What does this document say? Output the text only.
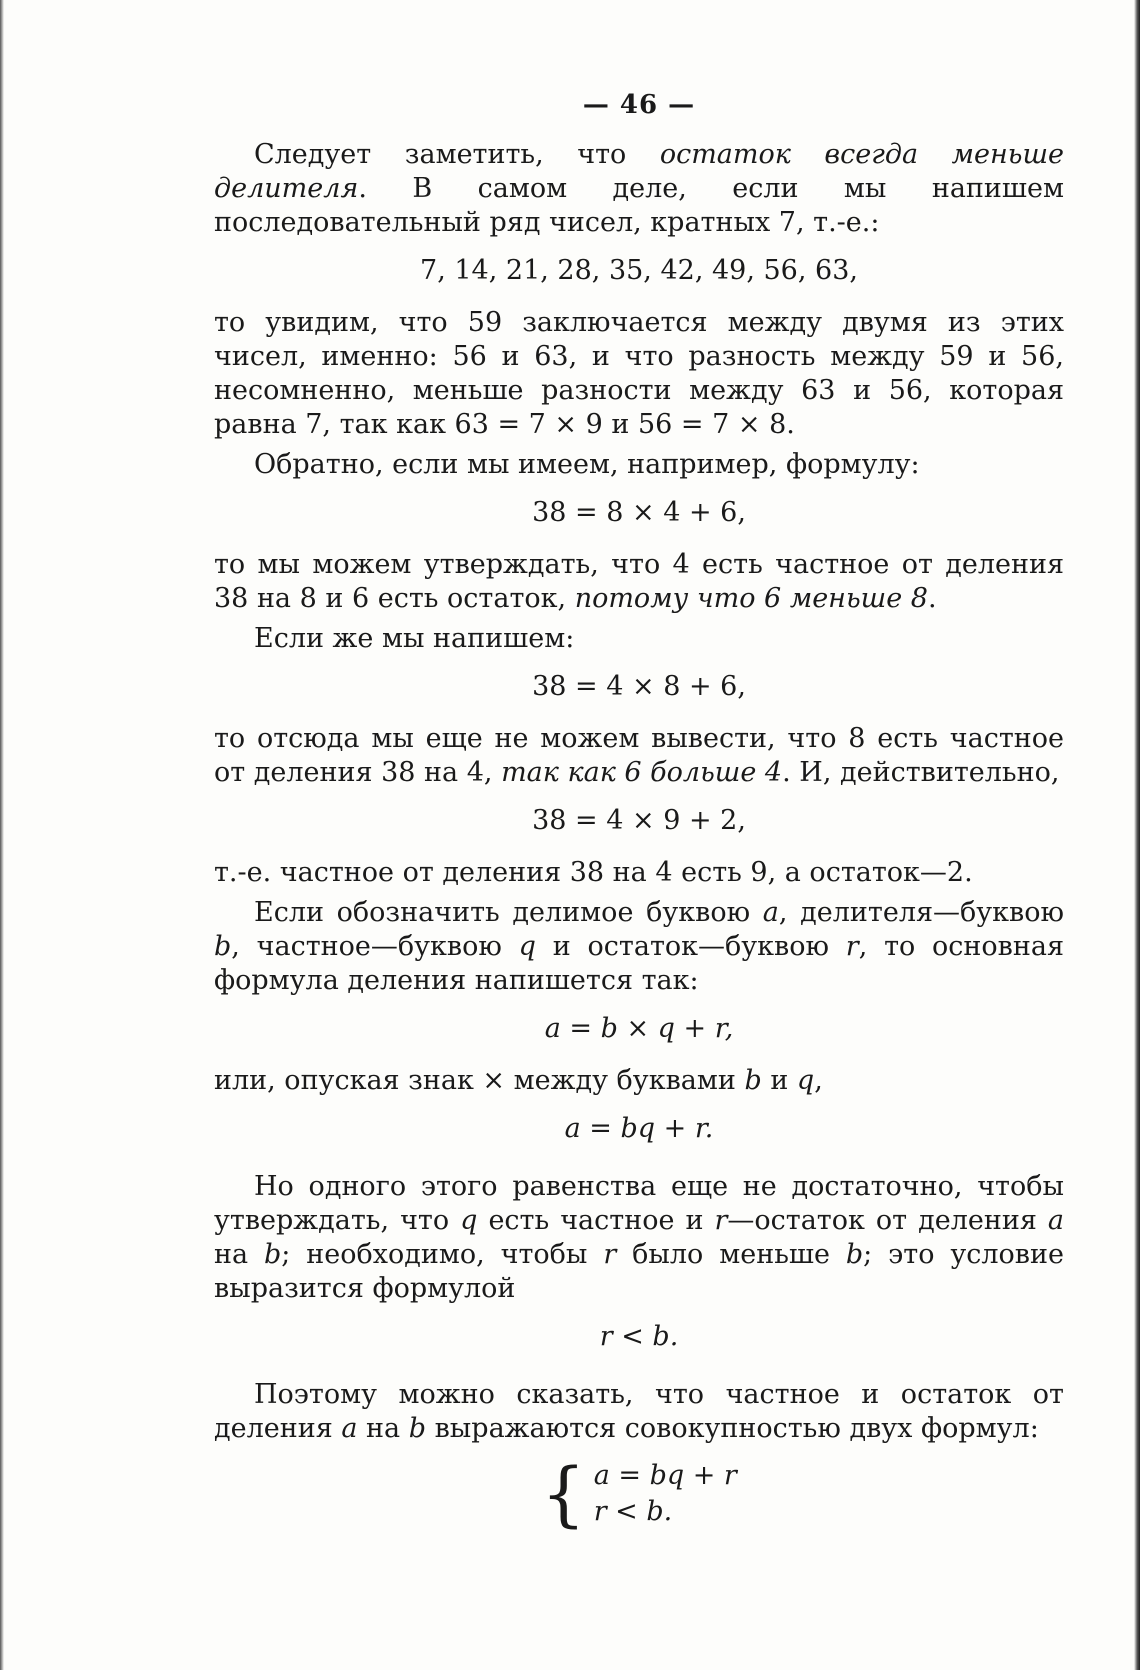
— 46 —

Следует заметить, что остаток всегда меньше делителя. В самом деле, если мы напишем последовательный ряд чисел, кратных 7, т.-е.:

7, 14, 21, 28, 35, 42, 49, 56, 63,

то увидим, что 59 заключается между двумя из этих чисел, именно: 56 и 63, и что разность между 59 и 56, несомненно, меньше разности между 63 и 56, которая равна 7, так как 63 = 7 × 9 и 56 = 7 × 8.

Обратно, если мы имеем, например, формулу:

38 = 8 × 4 + 6,

то мы можем утверждать, что 4 есть частное от деления 38 на 8 и 6 есть остаток, потому что 6 меньше 8.

Если же мы напишем:

38 = 4 × 8 + 6,

то отсюда мы еще не можем вывести, что 8 есть частное от деления 38 на 4, так как 6 больше 4. И, действительно,

38 = 4 × 9 + 2,

т.-е. частное от деления 38 на 4 есть 9, а остаток—2.

Если обозначить делимое буквою a, делителя—буквою b, частное—буквою q и остаток—буквою r, то основная формула деления напишется так:

a = b × q + r,

или, опуская знак × между буквами b и q,

a = bq + r.

Но одного этого равенства еще не достаточно, чтобы утверждать, что q есть частное и r—остаток от деления a на b; необходимо, чтобы r было меньше b; это условие выразится формулой

r < b.

Поэтому можно сказать, что частное и остаток от деления a на b выражаются совокупностью двух формул:

{ a = bq + r
r < b.
